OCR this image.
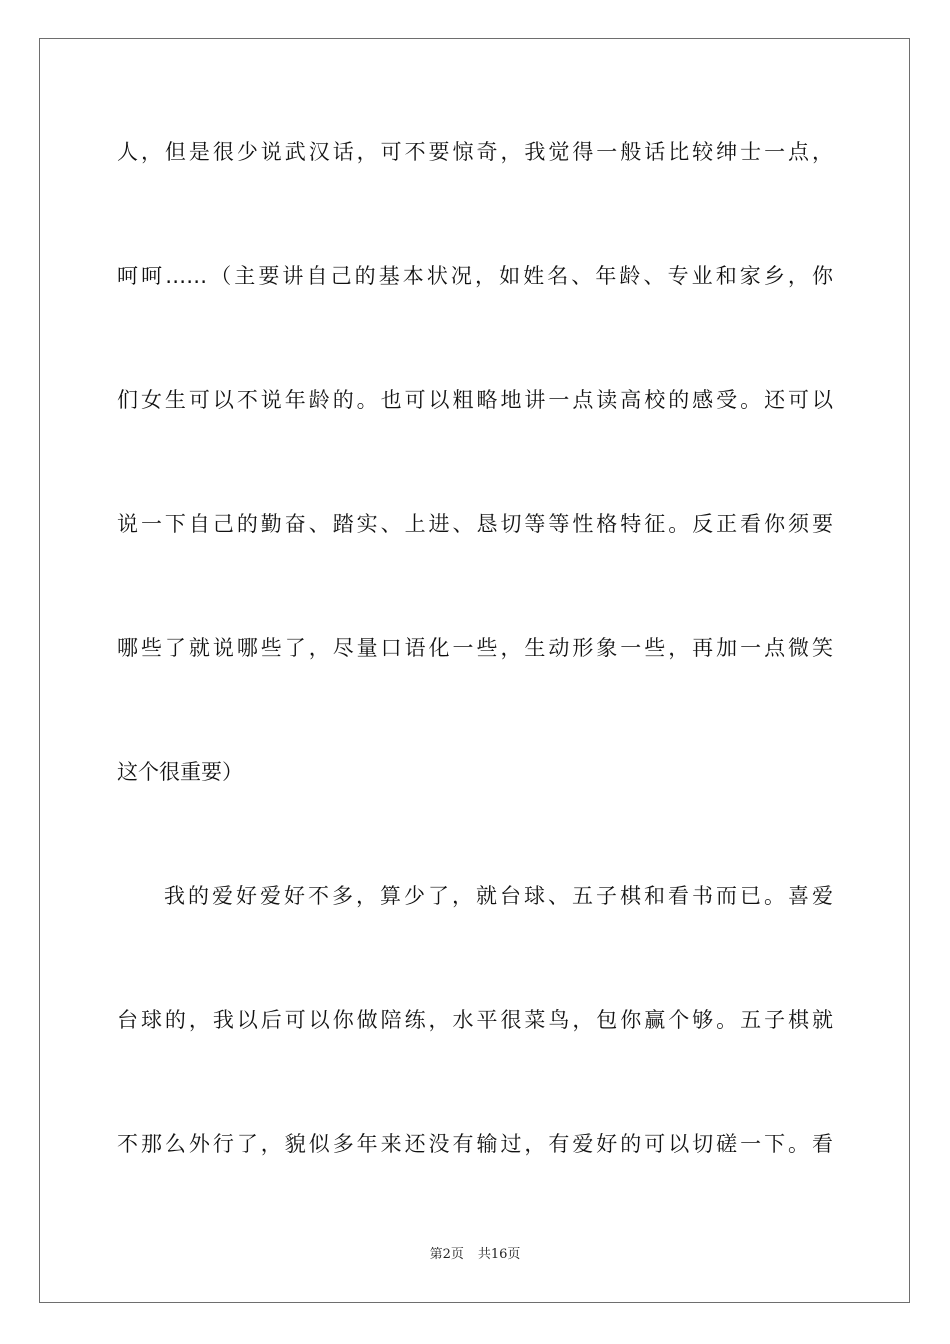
人，但是很少说武汉话，可不要惊奇，我觉得一般话比较绅士一点，
呵呵……（主要讲自己的基本状况，如姓名、年龄、专业和家乡，你
们女生可以不说年龄的。也可以粗略地讲一点读高校的感受。还可以
说一下自己的勤奋、踏实、上进、恳切等等性格特征。反正看你须要
哪些了就说哪些了，尽量口语化一些，生动形象一些，再加一点微笑
这个很重要）
我的爱好爱好不多，算少了，就台球、五子棋和看书而已。喜爱
台球的，我以后可以你做陪练，水平很菜鸟，包你赢个够。五子棋就
不那么外行了，貌似多年来还没有输过，有爱好的可以切磋一下。看
第2页 共16页
